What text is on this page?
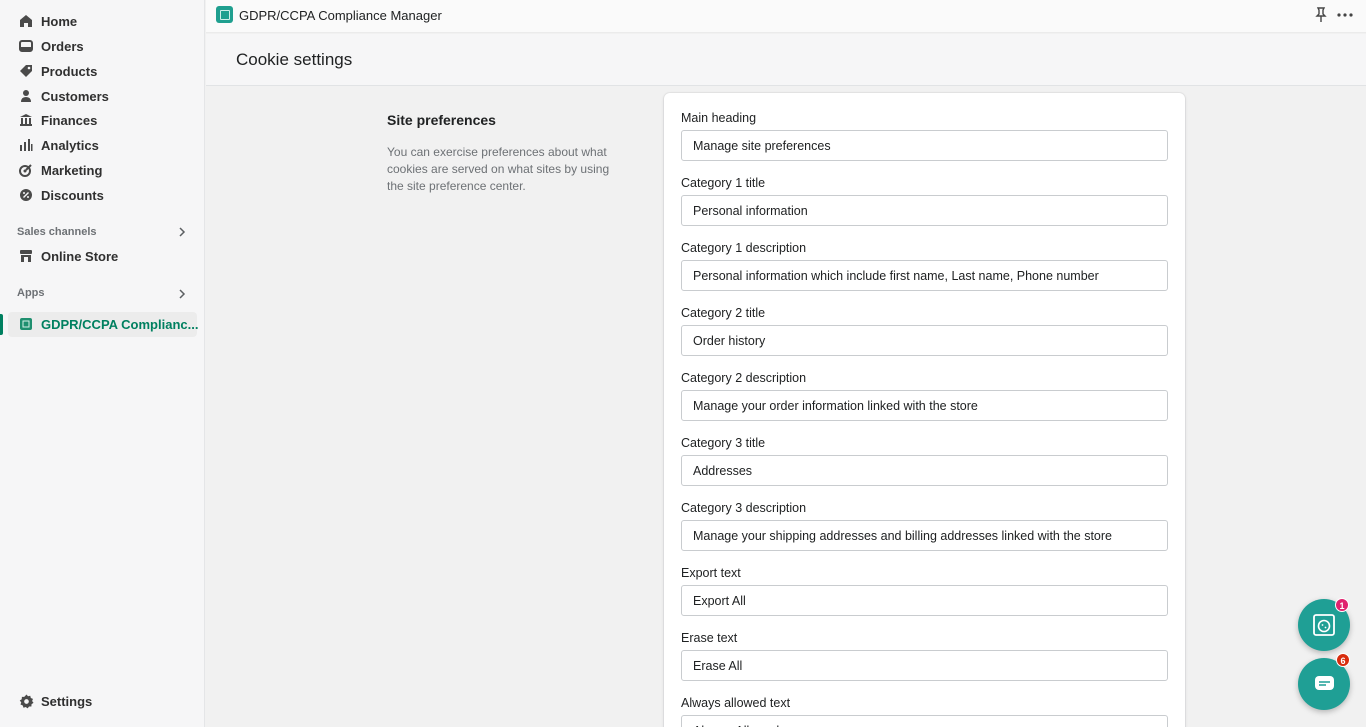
Home
Orders
Products
Customers
Finances
Analytics
Marketing
Discounts
Sales channels
Online Store
Apps
GDPR/CCPA Complianc...
Settings
GDPR/CCPA Compliance Manager
Cookie settings
Site preferences
You can exercise preferences about what cookies are served on what sites by using the site preference center.
Main heading
Manage site preferences
Category 1 title
Personal information
Category 1 description
Personal information which include first name, Last name, Phone number
Category 2 title
Order history
Category 2 description
Manage your order information linked with the store
Category 3 title
Addresses
Category 3 description
Manage your shipping addresses and billing addresses linked with the store
Export text
Export All
Erase text
Erase All
Always allowed text
Always Allowed
1
6
